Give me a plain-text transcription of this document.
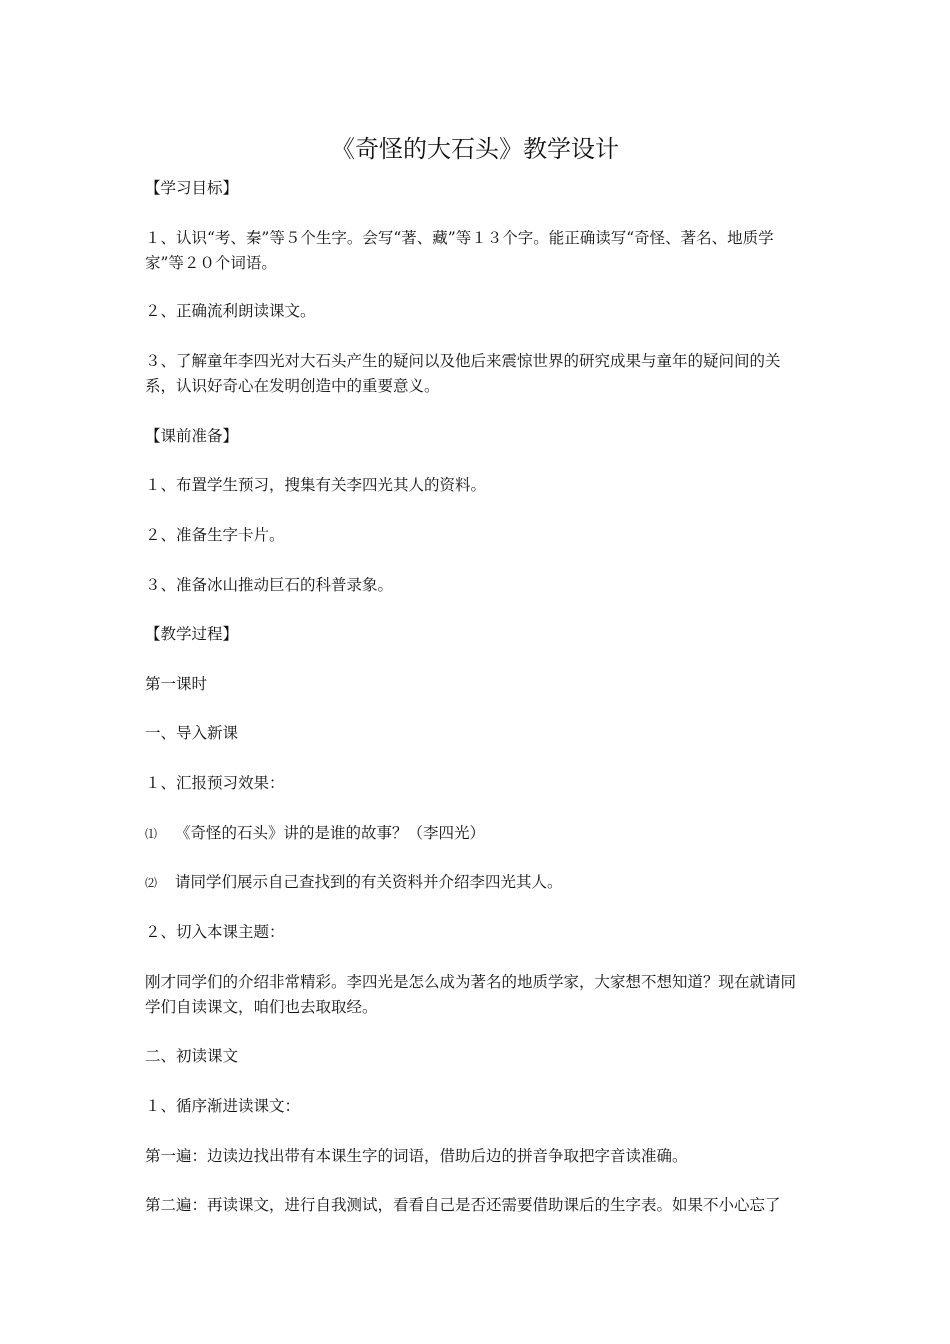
《奇怪的大石头》教学设计

【学习目标】

１、认识“考、秦”等５个生字。会写“著、藏”等１３个字。能正确读写“奇怪、著名、地质学家”等２０个词语。

２、正确流利朗读课文。

３、了解童年李四光对大石头产生的疑问以及他后来震惊世界的研究成果与童年的疑问间的关系，认识好奇心在发明创造中的重要意义。

【课前准备】

１、布置学生预习，搜集有关李四光其人的资料。

２、准备生字卡片。

３、准备冰山推动巨石的科普录象。

【教学过程】

第一课时

一、导入新课

１、汇报预习效果：

⑴ 《奇怪的石头》讲的是谁的故事？（李四光）
⑵ 请同学们展示自己查找到的有关资料并介绍李四光其人。

２、切入本课主题：

刚才同学们的介绍非常精彩。李四光是怎么成为著名的地质学家，大家想不想知道？现在就请同学们自读课文，咱们也去取取经。

二、初读课文

１、循序渐进读课文：

第一遍：边读边找出带有本课生字的词语，借助后边的拼音争取把字音读准确。

第二遍：再读课文，进行自我测试，看看自己是否还需要借助课后的生字表。如果不小心忘了
